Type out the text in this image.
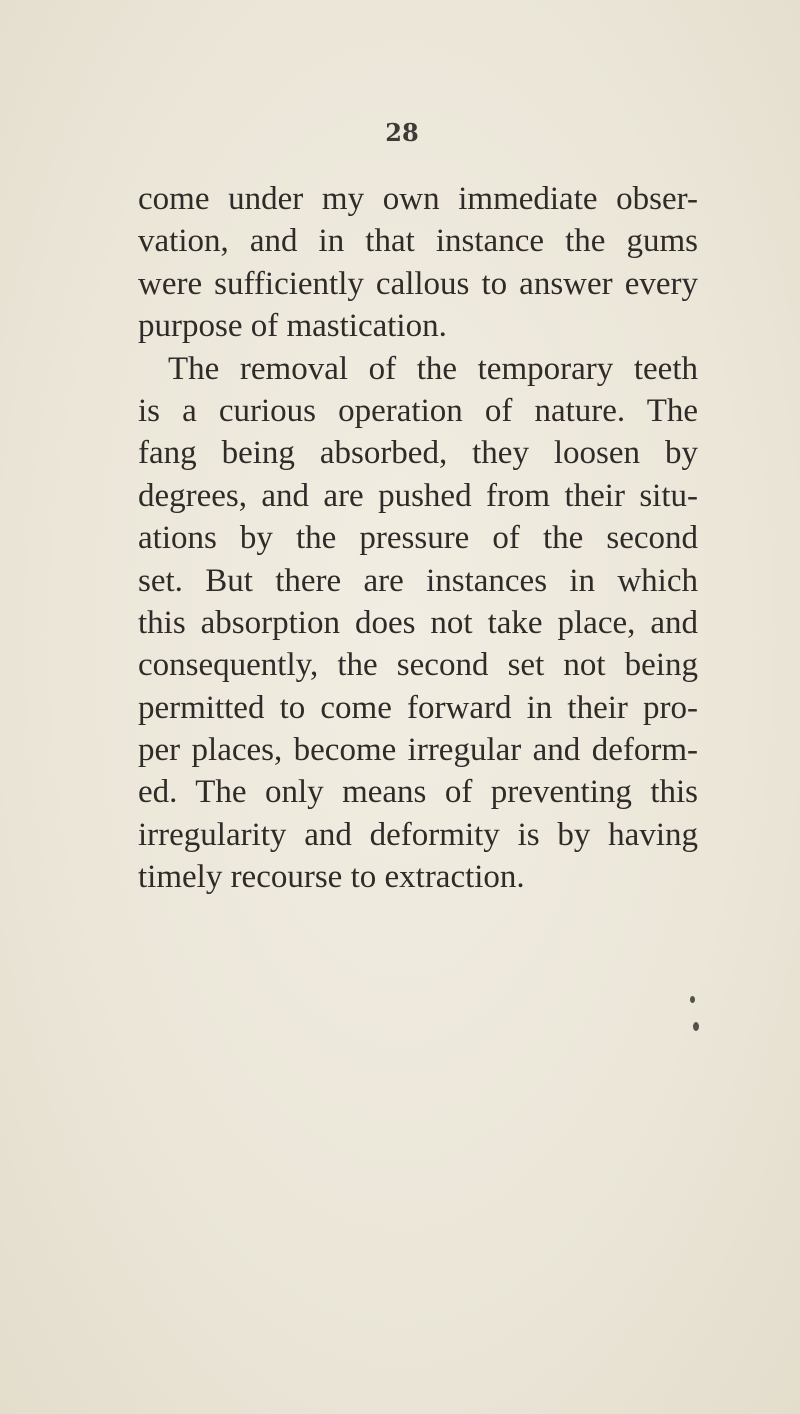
28
come under my own immediate obser-
vation, and in that instance the gums
were sufficiently callous to answer every
purpose of mastication.
The removal of the temporary teeth
is a curious operation of nature. The
fang being absorbed, they loosen by
degrees, and are pushed from their situ-
ations by the pressure of the second
set. But there are instances in which
this absorption does not take place, and
consequently, the second set not being
permitted to come forward in their pro-
per places, become irregular and deform-
ed. The only means of preventing this
irregularity and deformity is by having
timely recourse to extraction.
